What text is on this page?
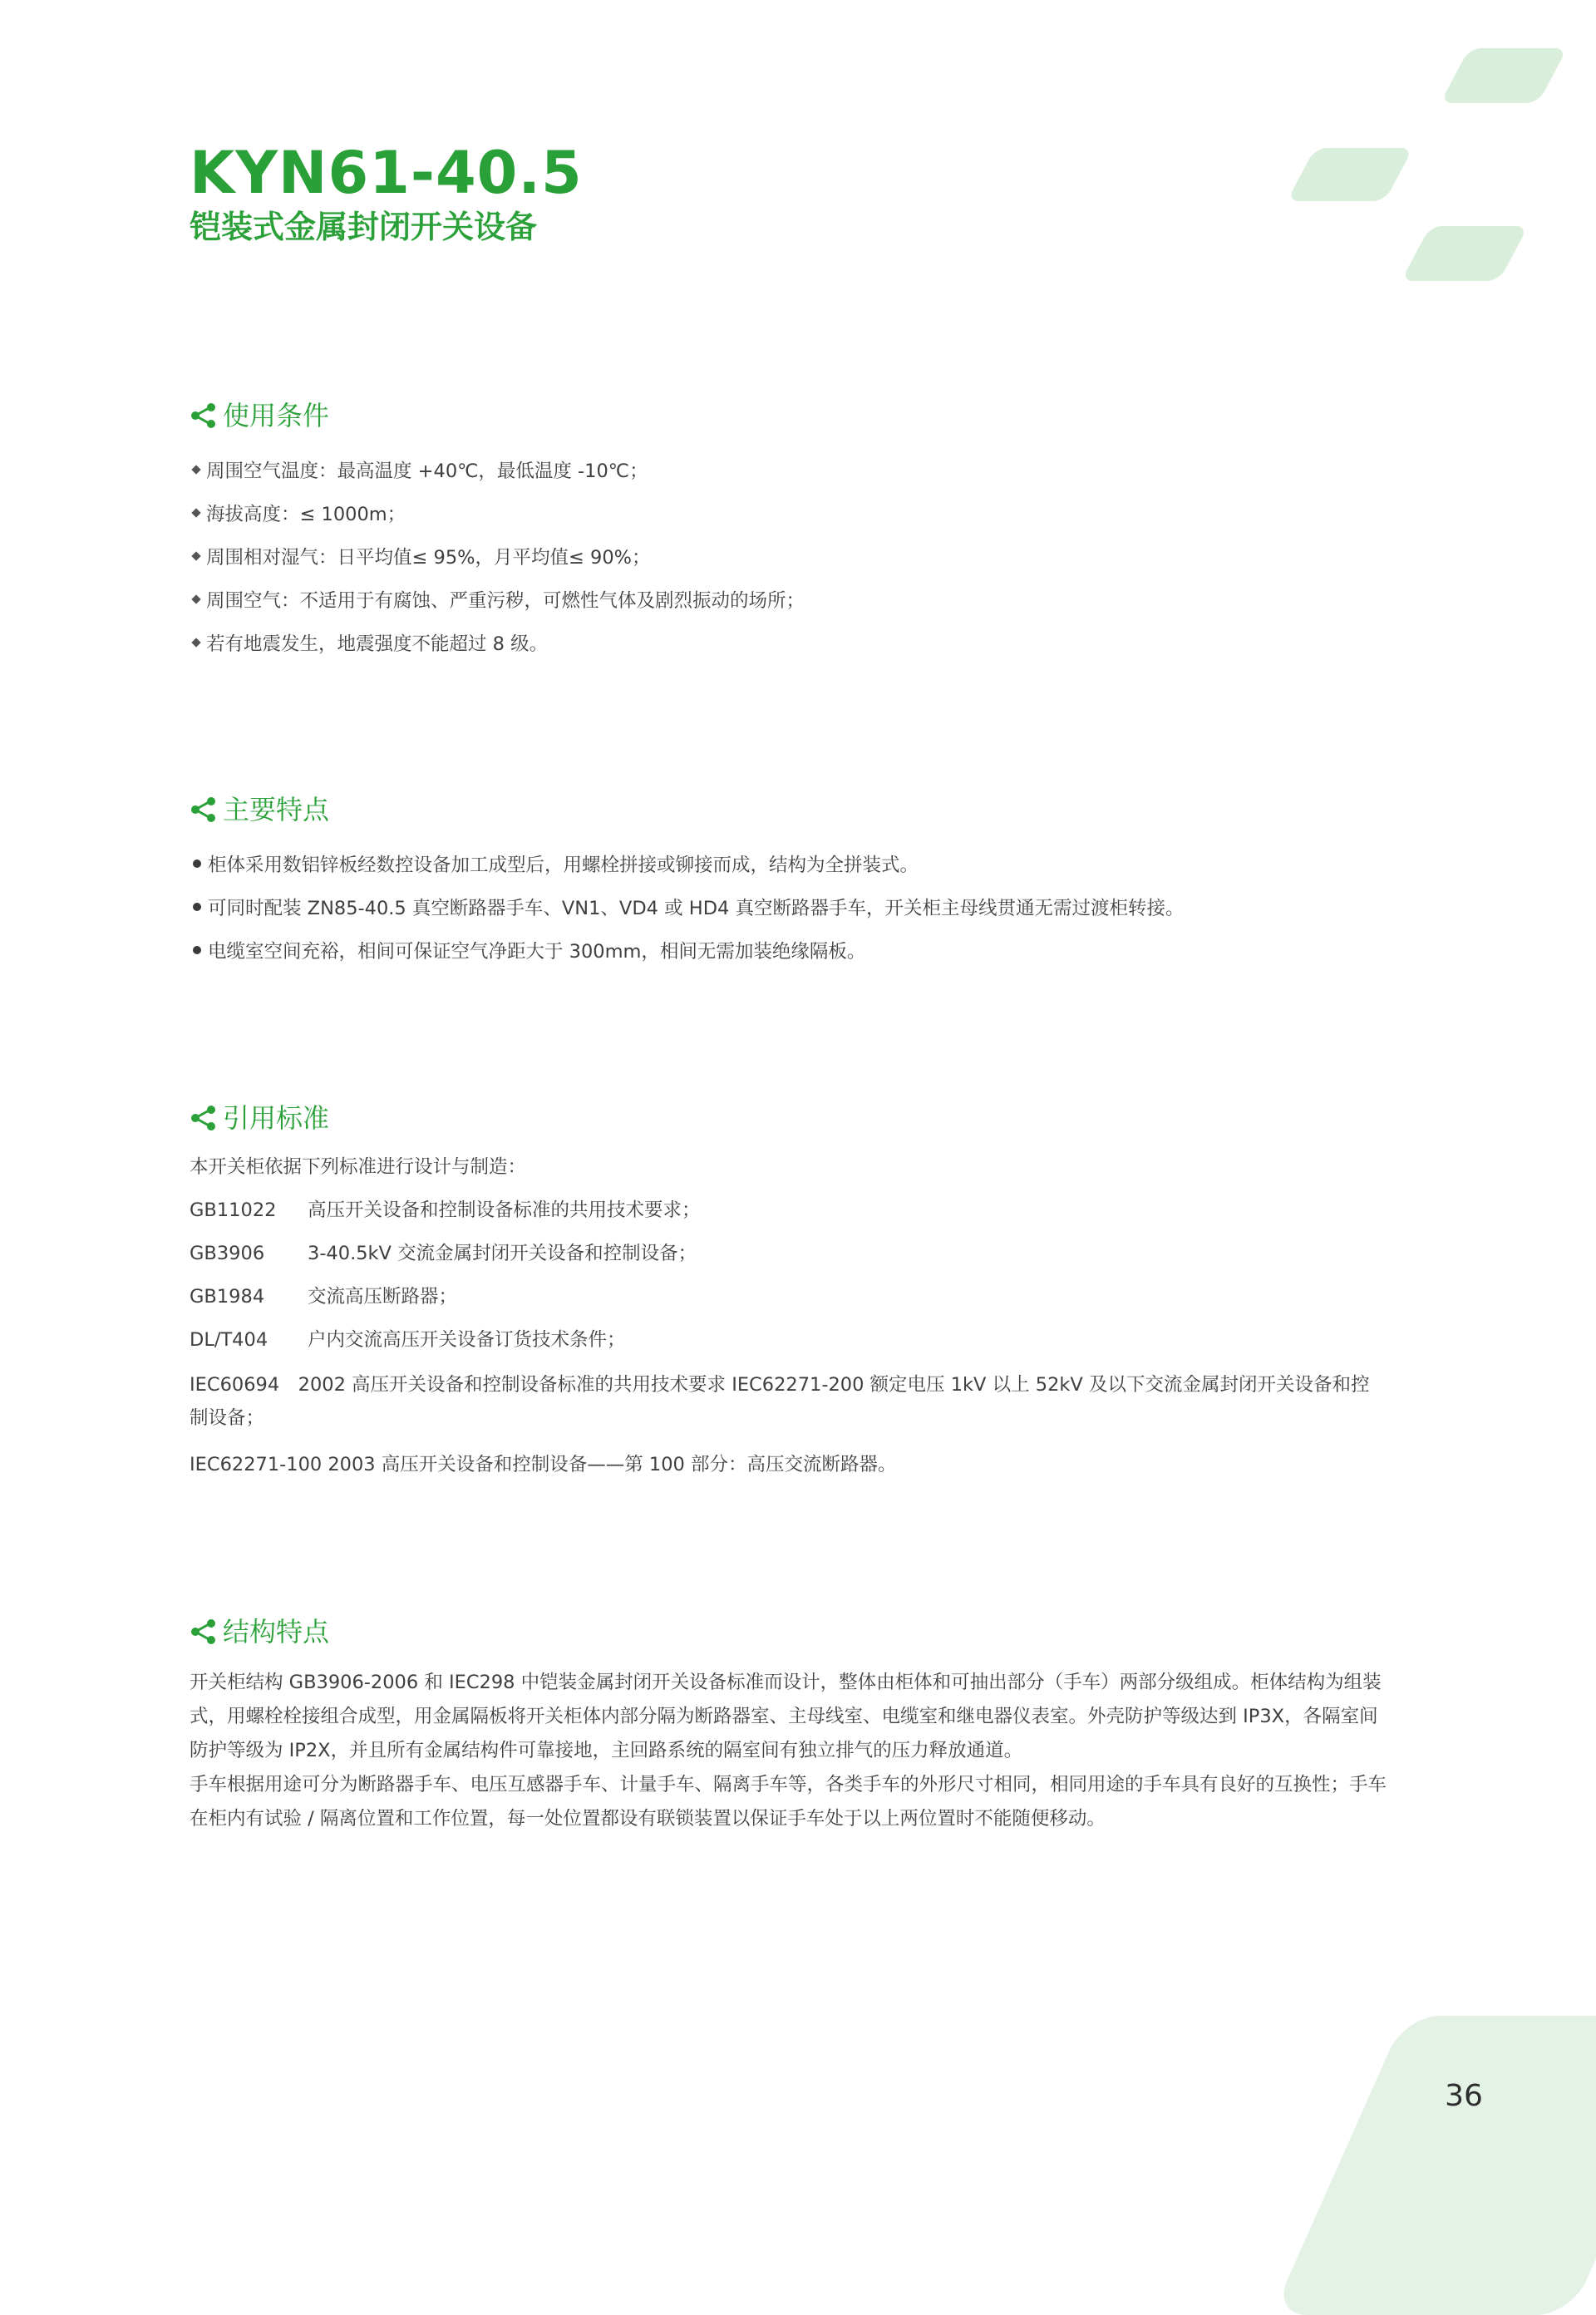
KYN61-40.5
铠装式金属封闭开关设备
使用条件
周围空气温度：最高温度 +40℃，最低温度 -10℃；
海拔高度：≤ 1000m；
周围相对湿气：日平均值≤ 95%，月平均值≤ 90%；
周围空气：不适用于有腐蚀、严重污秽，可燃性气体及剧烈振动的场所；
若有地震发生，地震强度不能超过 8 级。
主要特点
柜体采用数铝锌板经数控设备加工成型后，用螺栓拼接或铆接而成，结构为全拼装式。
可同时配装 ZN85-40.5 真空断路器手车、VN1、VD4 或 HD4 真空断路器手车，开关柜主母线贯通无需过渡柜转接。
电缆室空间充裕，相间可保证空气净距大于 300mm，相间无需加装绝缘隔板。
引用标准
本开关柜依据下列标准进行设计与制造：
GB11022	高压开关设备和控制设备标准的共用技术要求；
GB3906	3-40.5kV 交流金属封闭开关设备和控制设备；
GB1984	交流高压断路器；
DL/T404	户内交流高压开关设备订货技术条件；
IEC60694　2002 高压开关设备和控制设备标准的共用技术要求 IEC62271-200 额定电压 1kV 以上 52kV 及以下交流金属封闭开关设备和控制设备；
IEC62271-100 2003 高压开关设备和控制设备——第 100 部分：高压交流断路器。
结构特点

开关柜结构 GB3906-2006 和 IEC298 中铠装金属封闭开关设备标准而设计，整体由柜体和可抽出部分（手车）两部分级组成。柜体结构为组装式，用螺栓栓接组合成型，用金属隔板将开关柜体内部分隔为断路器室、主母线室、电缆室和继电器仪表室。外壳防护等级达到 IP3X，各隔室间防护等级为 IP2X，并且所有金属结构件可靠接地，主回路系统的隔室间有独立排气的压力释放通道。

手车根据用途可分为断路器手车、电压互感器手车、计量手车、隔离手车等，各类手车的外形尺寸相同，相同用途的手车具有良好的互换性；手车在柜内有试验 / 隔离位置和工作位置，每一处位置都设有联锁装置以保证手车处于以上两位置时不能随便移动。

36
